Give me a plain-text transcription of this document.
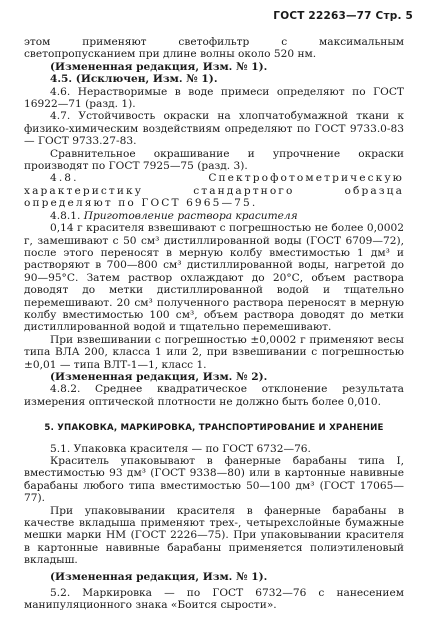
ГОСТ 22263—77 Стр. 5

этом применяют светофильтр с максимальным светопропусканием при длине волны около 520 нм.

(Измененная редакция, Изм. № 1).

4.5. (Исключен, Изм. № 1).

4.6. Нерастворимые в воде примеси определяют по ГОСТ 16922—71 (разд. 1).

4.7. Устойчивость окраски на хлопчатобумажной ткани к физико-химическим воздействиям определяют по ГОСТ 9733.0-83— ГОСТ 9733.27-83.

Сравнительное окрашивание и упрочнение окраски производят по ГОСТ 7925—75 (разд. 3).

4.8. Спектрофотометрическую характеристику стандартного образца определяют по ГОСТ 6965—75.

4.8.1. Приготовление раствора красителя

0,14 г красителя взвешивают с погрешностью не более 0,0002 г, замешивают с 50 см³ дистиллированной воды (ГОСТ 6709—72), после этого переносят в мерную колбу вместимостью 1 дм³ и растворяют в 700—800 см³ дистиллированной воды, нагретой до 90—95°С. Затем раствор охлаждают до 20°С, объем раствора доводят до метки дистиллированной водой и тщательно перемешивают. 20 см³ полученного раствора переносят в мерную колбу вместимостью 100 см³, объем раствора доводят до метки дистиллированной водой и тщательно перемешивают.

При взвешивании с погрешностью ±0,0002 г применяют весы типа ВЛА 200, класса 1 или 2, при взвешивании с погрешностью ±0,01 — типа ВЛТ-1—1, класс 1.

(Измененная редакция, Изм. № 2).

4.8.2. Среднее квадратическое отклонение результата измерения оптической плотности не должно быть более 0,010.

5. УПАКОВКА, МАРКИРОВКА, ТРАНСПОРТИРОВАНИЕ И ХРАНЕНИЕ

5.1. Упаковка красителя — по ГОСТ 6732—76.

Краситель упаковывают в фанерные барабаны типа I, вместимостью 93 дм³ (ГОСТ 9338—80) или в картонные навивные барабаны любого типа вместимостью 50—100 дм³ (ГОСТ 17065—77).

При упаковывании красителя в фанерные барабаны в качестве вкладыша применяют трех-, четырехслойные бумажные мешки марки НМ (ГОСТ 2226—75). При упаковывании красителя в картонные навивные барабаны применяется полиэтиленовый вкладыш.

(Измененная редакция, Изм. № 1).

5.2. Маркировка — по ГОСТ 6732—76 с нанесением манипуляционного знака «Боится сырости».
